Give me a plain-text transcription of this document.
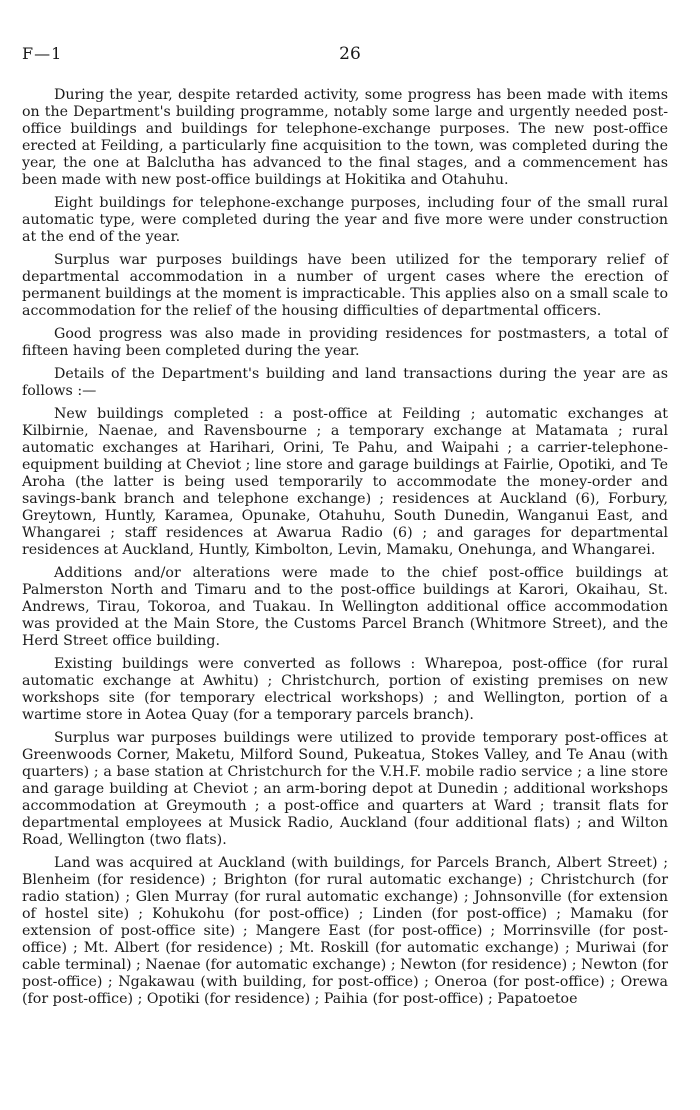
F—1	26

During the year, despite retarded activity, some progress has been made with items on the Department's building programme, notably some large and urgently needed post-office buildings and buildings for telephone-exchange purposes. The new post-office erected at Feilding, a particularly fine acquisition to the town, was completed during the year, the one at Balclutha has advanced to the final stages, and a commencement has been made with new post-office buildings at Hokitika and Otahuhu.

Eight buildings for telephone-exchange purposes, including four of the small rural automatic type, were completed during the year and five more were under construction at the end of the year.

Surplus war purposes buildings have been utilized for the temporary relief of departmental accommodation in a number of urgent cases where the erection of permanent buildings at the moment is impracticable. This applies also on a small scale to accommodation for the relief of the housing difficulties of departmental officers.

Good progress was also made in providing residences for postmasters, a total of fifteen having been completed during the year.

Details of the Department's building and land transactions during the year are as follows :—

New buildings completed : a post-office at Feilding ; automatic exchanges at Kilbirnie, Naenae, and Ravensbourne ; a temporary exchange at Matamata ; rural automatic exchanges at Harihari, Orini, Te Pahu, and Waipahi ; a carrier-telephone-equipment building at Cheviot ; line store and garage buildings at Fairlie, Opotiki, and Te Aroha (the latter is being used temporarily to accommodate the money-order and savings-bank branch and telephone exchange) ; residences at Auckland (6), Forbury, Greytown, Huntly, Karamea, Opunake, Otahuhu, South Dunedin, Wanganui East, and Whangarei ; staff residences at Awarua Radio (6) ; and garages for departmental residences at Auckland, Huntly, Kimbolton, Levin, Mamaku, Onehunga, and Whangarei.

Additions and/or alterations were made to the chief post-office buildings at Palmerston North and Timaru and to the post-office buildings at Karori, Okaihau, St. Andrews, Tirau, Tokoroa, and Tuakau. In Wellington additional office accommodation was provided at the Main Store, the Customs Parcel Branch (Whitmore Street), and the Herd Street office building.

Existing buildings were converted as follows : Wharepoa, post-office (for rural automatic exchange at Awhitu) ; Christchurch, portion of existing premises on new workshops site (for temporary electrical workshops) ; and Wellington, portion of a wartime store in Aotea Quay (for a temporary parcels branch).

Surplus war purposes buildings were utilized to provide temporary post-offices at Greenwoods Corner, Maketu, Milford Sound, Pukeatua, Stokes Valley, and Te Anau (with quarters) ; a base station at Christchurch for the V.H.F. mobile radio service ; a line store and garage building at Cheviot ; an arm-boring depot at Dunedin ; additional workshops accommodation at Greymouth ; a post-office and quarters at Ward ; transit flats for departmental employees at Musick Radio, Auckland (four additional flats) ; and Wilton Road, Wellington (two flats).

Land was acquired at Auckland (with buildings, for Parcels Branch, Albert Street) ; Blenheim (for residence) ; Brighton (for rural automatic exchange) ; Christchurch (for radio station) ; Glen Murray (for rural automatic exchange) ; Johnsonville (for extension of hostel site) ; Kohukohu (for post-office) ; Linden (for post-office) ; Mamaku (for extension of post-office site) ; Mangere East (for post-office) ; Morrinsville (for post-office) ; Mt. Albert (for residence) ; Mt. Roskill (for automatic exchange) ; Muriwai (for cable terminal) ; Naenae (for automatic exchange) ; Newton (for residence) ; Newton (for post-office) ; Ngakawau (with building, for post-office) ; Oneroa (for post-office) ; Orewa (for post-office) ; Opotiki (for residence) ; Paihia (for post-office) ; Papatoetoe
